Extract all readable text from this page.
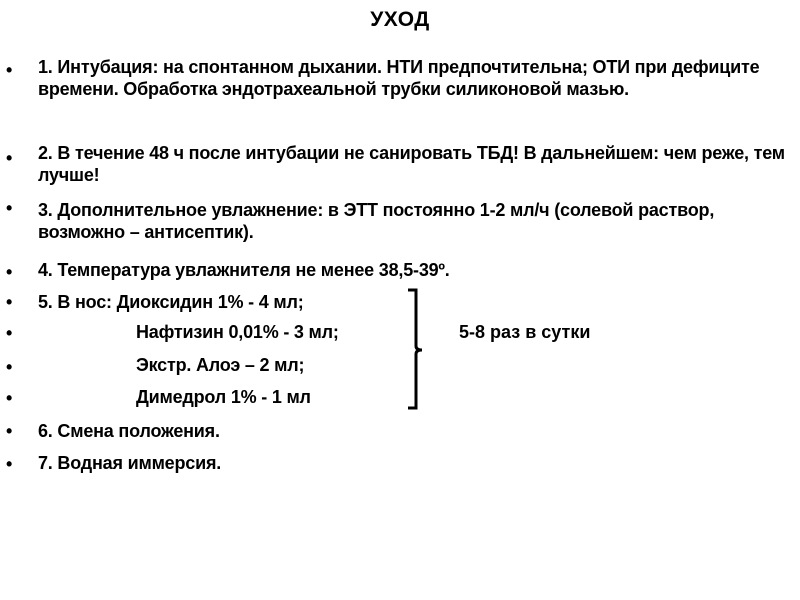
УХОД
•
•
•
•
•
•
•
•
•
•
1. Интубация: на спонтанном дыхании. НТИ предпочтительна; ОТИ при дефиците времени. Обработка эндотрахеальной трубки силиконовой мазью.
2. В течение 48 ч после интубации не санировать ТБД! В дальнейшем: чем реже, тем лучше!
3. Дополнительное увлажнение: в ЭТТ постоянно 1-2 мл/ч (солевой раствор, возможно – антисептик).
4. Температура увлажнителя не менее 38,5-39º.
5. В нос: Диоксидин 1% - 4 мл;
Нафтизин 0,01% - 3 мл;
Экстр. Алоэ – 2 мл;
Димедрол 1% - 1 мл
6. Смена положения.
7. Водная иммерсия.
5-8 раз в сутки
